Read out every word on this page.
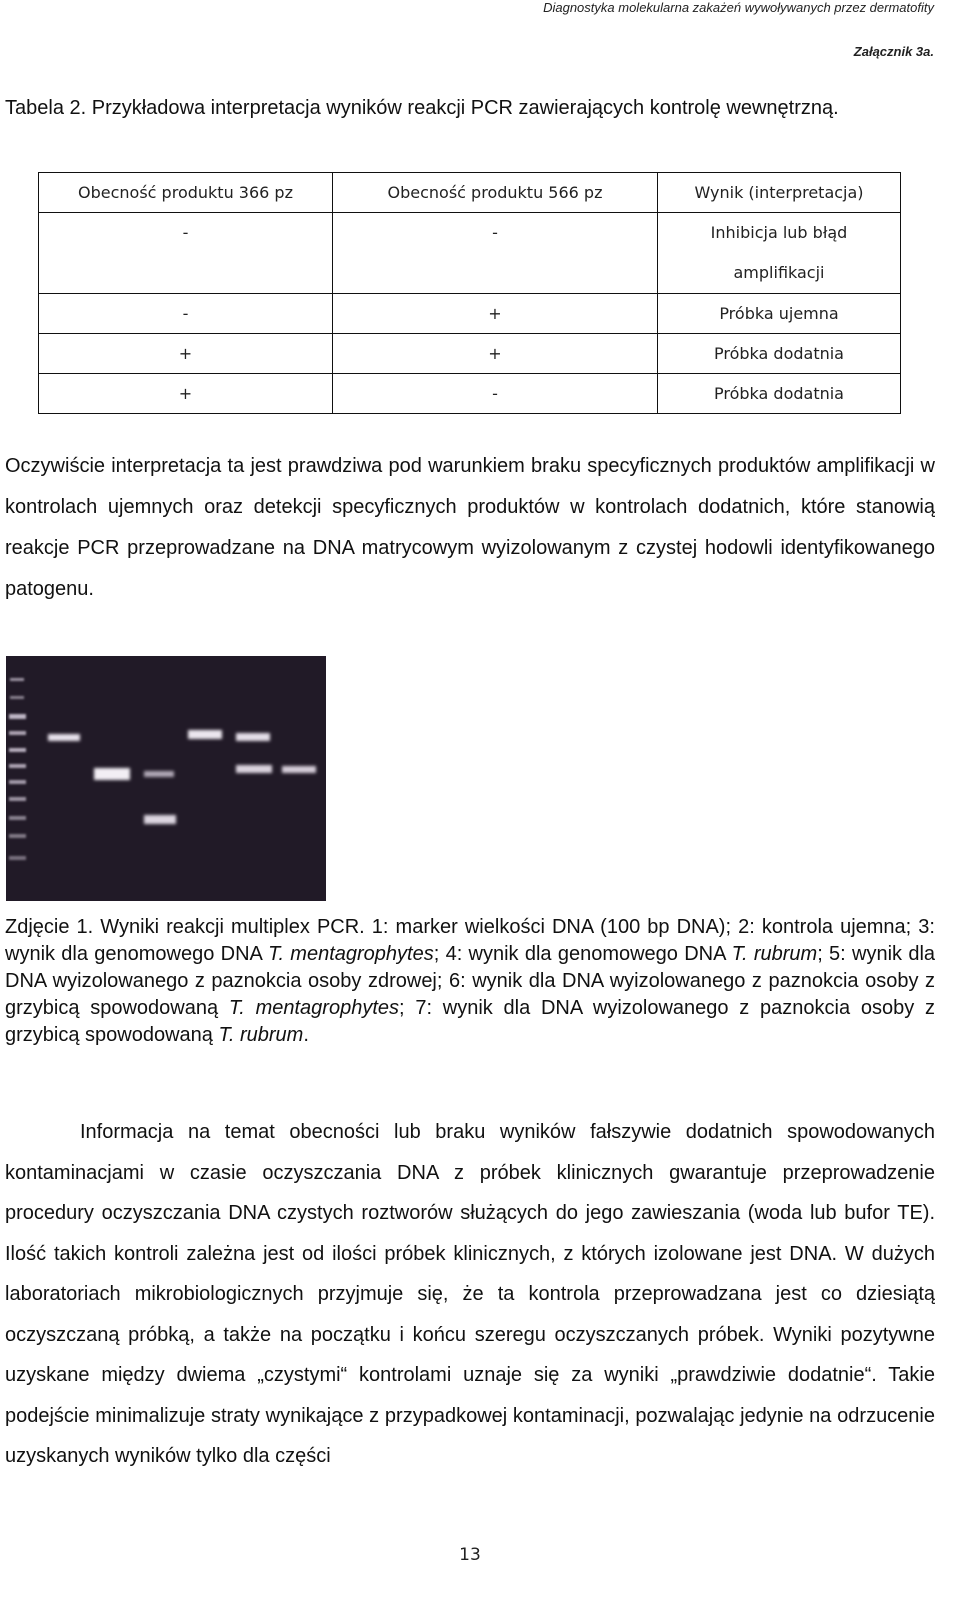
Diagnostyka molekularna zakażeń wywoływanych przez dermatofity
Załącznik 3a.
Tabela 2. Przykładowa interpretacja wyników reakcji PCR zawierających kontrolę wewnętrzną.
Obecność produktu 366 pz	Obecność produktu 566 pz	Wynik (interpretacja)
-	-	Inhibicja lub błąd amplifikacji

-	+	Próbka ujemna
+	+	Próbka dodatnia
+	-	Próbka dodatnia
Oczywiście interpretacja ta jest prawdziwa pod warunkiem braku specyficznych produktów amplifikacji w kontrolach ujemnych oraz detekcji specyficznych produktów w kontrolach dodatnich, które stanowią reakcje PCR przeprowadzane na DNA matrycowym wyizolowanym z czystej hodowli identyfikowanego patogenu.
Zdjęcie 1. Wyniki reakcji multiplex PCR. 1: marker wielkości DNA (100 bp DNA); 2: kontrola ujemna; 3: wynik dla genomowego DNA T. mentagrophytes; 4: wynik dla genomowego DNA T. rubrum; 5: wynik dla DNA wyizolowanego z paznokcia osoby zdrowej; 6: wynik dla DNA wyizolowanego z paznokcia osoby z grzybicą spowodowaną T. mentagrophytes; 7: wynik dla DNA wyizolowanego z paznokcia osoby z grzybicą spowodowaną T. rubrum.
Informacja na temat obecności lub braku wyników fałszywie dodatnich spowodowanych kontaminacjami w czasie oczyszczania DNA z próbek klinicznych gwarantuje przeprowadzenie procedury oczyszczania DNA czystych roztworów służących do jego zawieszania (woda lub bufor TE). Ilość takich kontroli zależna jest od ilości próbek klinicznych, z których izolowane jest DNA. W dużych laboratoriach mikrobiologicznych przyjmuje się, że ta kontrola przeprowadzana jest co dziesiątą oczyszczaną próbką, a także na początku i końcu szeregu oczyszczanych próbek. Wyniki pozytywne uzyskane między dwiema „czystymi“ kontrolami uznaje się za wyniki „prawdziwie dodatnie“. Takie podejście minimalizuje straty wynikające z przypadkowej kontaminacji, pozwalając jedynie na odrzucenie uzyskanych wyników tylko dla części
13
